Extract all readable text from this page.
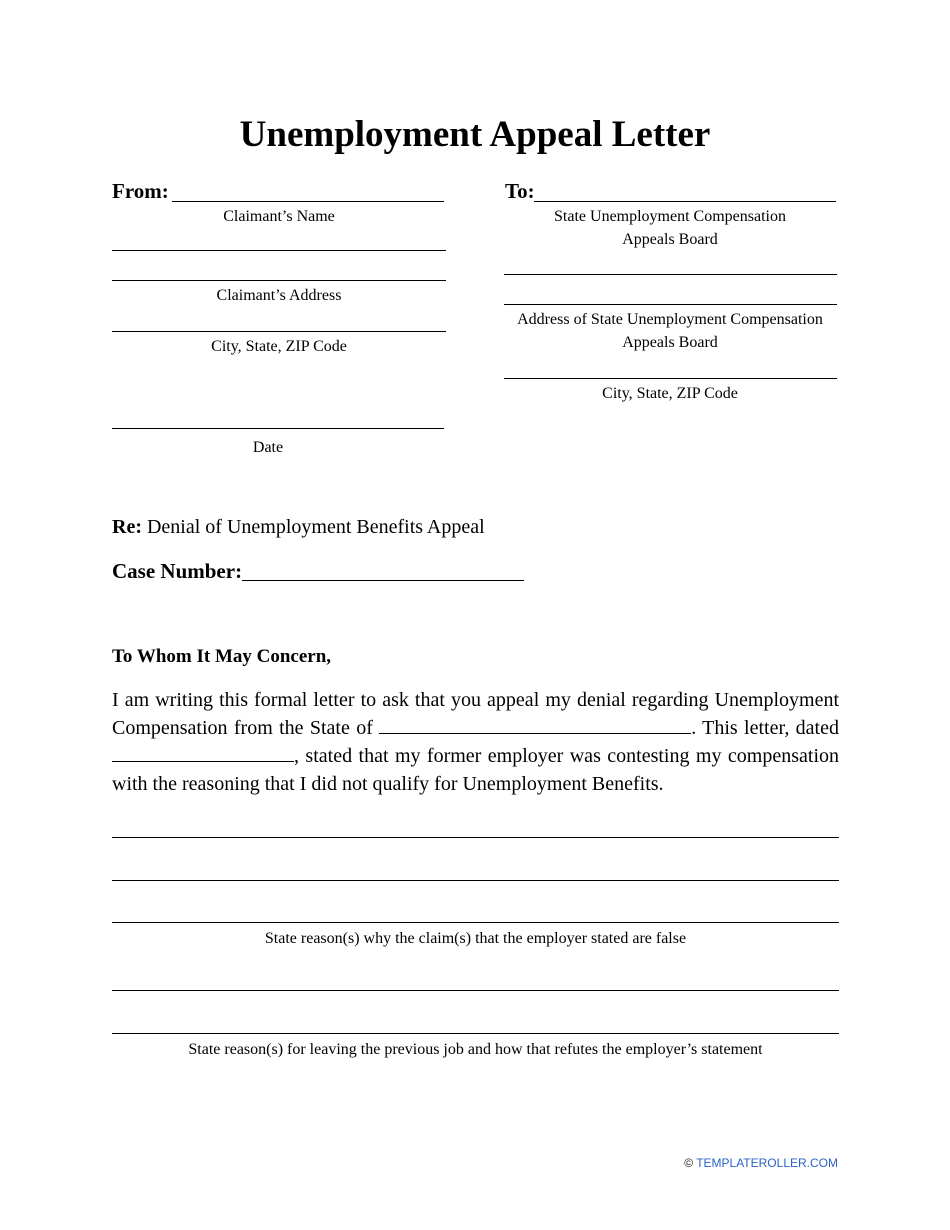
Unemployment Appeal Letter
From:
Claimant’s Name
Claimant’s Address
City, State, ZIP Code
Date
To:
State Unemployment Compensation
Appeals Board
Address of State Unemployment Compensation
Appeals Board
City, State, ZIP Code
Re: Denial of Unemployment Benefits Appeal
Case Number:
To Whom It May Concern,
I am writing this formal letter to ask that you appeal my denial regarding Unemployment Compensation from the State of	. This letter, dated , stated that my former employer was contesting my compensation with the reasoning that I did not qualify for Unemployment Benefits.
State reason(s) why the claim(s) that the employer stated are false
State reason(s) for leaving the previous job and how that refutes the employer’s statement
© TEMPLATEROLLER.COM
